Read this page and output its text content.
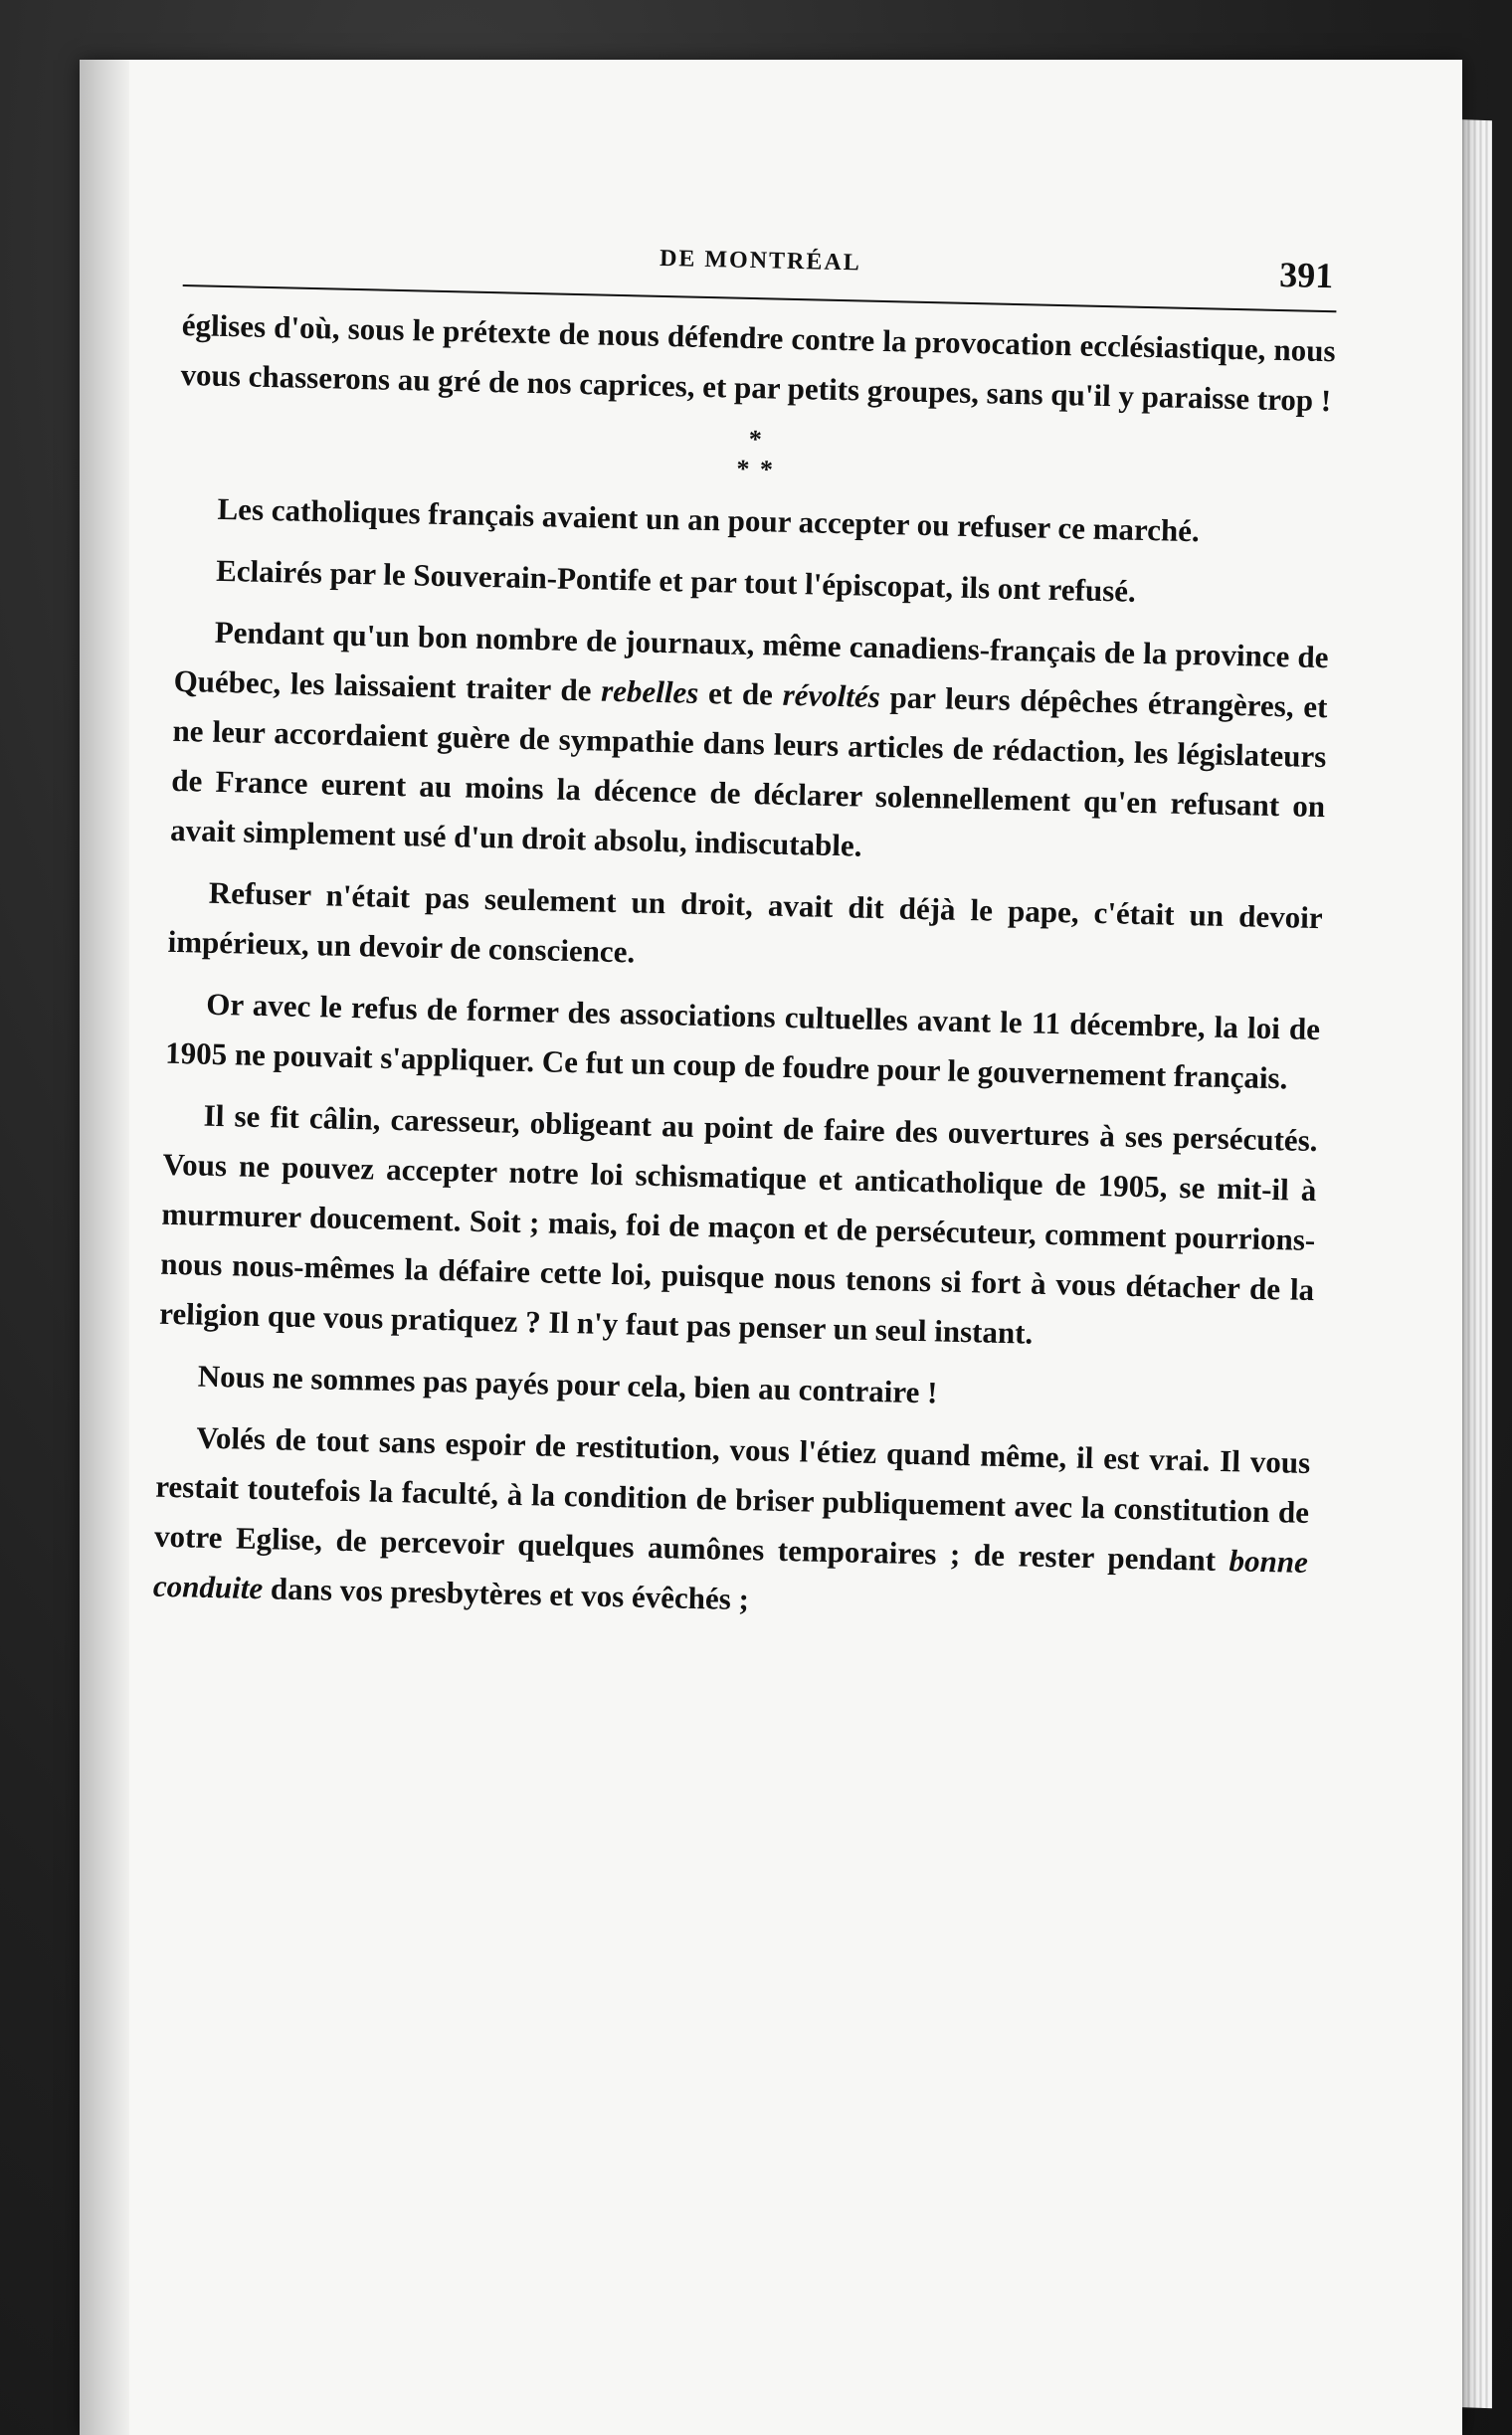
DE MONTRÉAL	391

églises d'où, sous le prétexte de nous défendre contre la provocation ecclésiastique, nous vous chasserons au gré de nos caprices, et par petits groupes, sans qu'il y paraisse trop !

*
* *

Les catholiques français avaient un an pour accepter ou refuser ce marché.

Eclairés par le Souverain-Pontife et par tout l'épiscopat, ils ont refusé.

Pendant qu'un bon nombre de journaux, même canadiens-français de la province de Québec, les laissaient traiter de rebelles et de révoltés par leurs dépêches étrangères, et ne leur accordaient guère de sympathie dans leurs articles de rédaction, les législateurs de France eurent au moins la décence de déclarer solennellement qu'en refusant on avait simplement usé d'un droit absolu, indiscutable.

Refuser n'était pas seulement un droit, avait dit déjà le pape, c'était un devoir impérieux, un devoir de conscience.

Or avec le refus de former des associations cultuelles avant le 11 décembre, la loi de 1905 ne pouvait s'appliquer. Ce fut un coup de foudre pour le gouvernement français.

Il se fit câlin, caresseur, obligeant au point de faire des ouvertures à ses persécutés. Vous ne pouvez accepter notre loi schismatique et anticatholique de 1905, se mit-il à murmurer doucement. Soit ; mais, foi de maçon et de persécuteur, comment pourrions-nous nous-mêmes la défaire cette loi, puisque nous tenons si fort à vous détacher de la religion que vous pratiquez ? Il n'y faut pas penser un seul instant.

Nous ne sommes pas payés pour cela, bien au contraire !

Volés de tout sans espoir de restitution, vous l'étiez quand même, il est vrai. Il vous restait toutefois la faculté, à la condition de briser publiquement avec la constitution de votre Eglise, de percevoir quelques aumônes temporaires ; de rester pendant bonne conduite dans vos presbytères et vos évêchés ;
